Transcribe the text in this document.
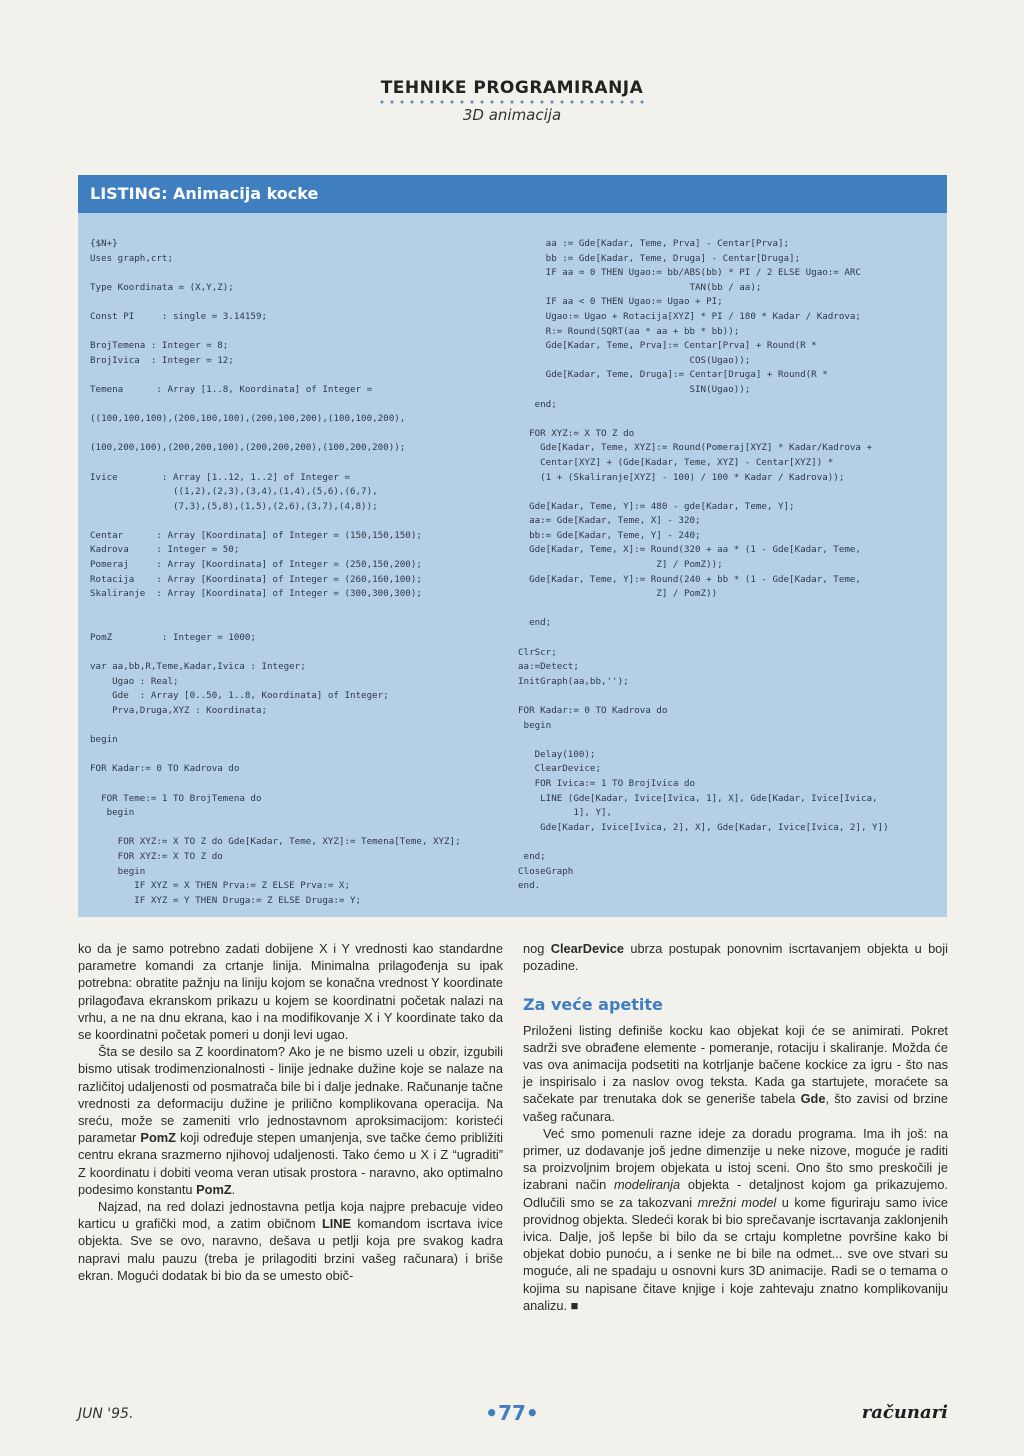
TEHNIKE PROGRAMIRANJA
3D animacija
LISTING: Animacija kocke
{$N+}
Uses graph,crt;

Type Koordinata = (X,Y,Z);

Const PI     : single = 3.14159;

BrojTemena : Integer = 8;
BrojIvica  : Integer = 12;

Temena      : Array [1..8, Koordinata] of Integer =

((100,100,100),(200,100,100),(200,100,200),(100,100,200),

(100,200,100),(200,200,100),(200,200,200),(100,200,200));

Ivice        : Array [1..12, 1..2] of Integer =
((1,2),(2,3),(3,4),(1,4),(5,6),(6,7),
(7,3),(5,8),(1,5),(2,6),(3,7),(4,8));

Centar      : Array [Koordinata] of Integer = (150,150,150);
Kadrova     : Integer = 50;
Pomeraj     : Array [Koordinata] of Integer = (250,150,200);
Rotacija    : Array [Koordinata] of Integer = (260,160,100);
Skaliranje  : Array [Koordinata] of Integer = (300,300,300);

PomZ         : Integer = 1000;

var aa,bb,R,Teme,Kadar,Ivica : Integer;
Ugao : Real;
Gde  : Array [0..50, 1..8, Koordinata] of Integer;
Prva,Druga,XYZ : Koordinata;

begin

FOR Kadar:= 0 TO Kadrova do

FOR Teme:= 1 TO BrojTemena do
begin

FOR XYZ:= X TO Z do Gde[Kadar, Teme, XYZ]:= Temena[Teme, XYZ];
FOR XYZ:= X TO Z do
begin
IF XYZ = X THEN Prva:= Z ELSE Prva:= X;
IF XYZ = Y THEN Druga:= Z ELSE Druga:= Y;
aa := Gde[Kadar, Teme, Prva] - Centar[Prva];
bb := Gde[Kadar, Teme, Druga] - Centar[Druga];
IF aa = 0 THEN Ugao:= bb/ABS(bb) * PI / 2 ELSE Ugao:= ARC
TAN(bb / aa);
IF aa < 0 THEN Ugao:= Ugao + PI;
Ugao:= Ugao + Rotacija[XYZ] * PI / 180 * Kadar / Kadrova;
R:= Round(SQRT(aa * aa + bb * bb));
Gde[Kadar, Teme, Prva]:= Centar[Prva] + Round(R *
COS(Ugao));
Gde[Kadar, Teme, Druga]:= Centar[Druga] + Round(R *
SIN(Ugao));
end;

FOR XYZ:= X TO Z do
Gde[Kadar, Teme, XYZ]:= Round(Pomeraj[XYZ] * Kadar/Kadrova +
Centar[XYZ] + (Gde[Kadar, Teme, XYZ] - Centar[XYZ]) *
(1 + (Skaliranje[XYZ] - 100) / 100 * Kadar / Kadrova));

Gde[Kadar, Teme, Y]:= 480 - gde[Kadar, Teme, Y];
aa:= Gde[Kadar, Teme, X] - 320;
bb:= Gde[Kadar, Teme, Y] - 240;
Gde[Kadar, Teme, X]:= Round(320 + aa * (1 - Gde[Kadar, Teme,
Z] / PomZ));
Gde[Kadar, Teme, Y]:= Round(240 + bb * (1 - Gde[Kadar, Teme,
Z] / PomZ))

end;

ClrScr;
aa:=Detect;
InitGraph(aa,bb,'');

FOR Kadar:= 0 TO Kadrova do
begin

Delay(100);
ClearDevice;
FOR Ivica:= 1 TO BrojIvica do
LINE (Gde[Kadar, Ivice[Ivica, 1], X], Gde[Kadar, Ivice[Ivica,
1], Y],
Gde[Kadar, Ivice[Ivica, 2], X], Gde[Kadar, Ivice[Ivica, 2], Y])

end;
CloseGraph
end.

ko da je samo potrebno zadati dobijene X i Y vrednosti kao standardne parametre komandi za crtanje linija. Minimalna prilagođenja su ipak potrebna: obratite pažnju na liniju kojom se konačna vrednost Y koordinate prilagođava ekranskom prikazu u kojem se koordinatni početak nalazi na vrhu, a ne na dnu ekrana, kao i na modifikovanje X i Y koordinate tako da se koordinatni početak pomeri u donji levi ugao.

Šta se desilo sa Z koordinatom? Ako je ne bismo uzeli u obzir, izgubili bismo utisak trodimenzionalnosti - linije jednake dužine koje se nalaze na različitoj udaljenosti od posmatrača bile bi i dalje jednake. Računanje tačne vrednosti za deformaciju dužine je prilično komplikovana operacija. Na sreću, može se zameniti vrlo jednostavnom aproksimacijom: koristeći parametar PomZ koji određuje stepen umanjenja, sve tačke ćemo približiti centru ekrana srazmerno njihovoj udaljenosti. Tako ćemo u X i Z “ugraditi” Z koordinatu i dobiti veoma veran utisak prostora - naravno, ako optimalno podesimo konstantu PomZ.

Najzad, na red dolazi jednostavna petlja koja najpre prebacuje video karticu u grafički mod, a zatim običnom LINE komandom iscrtava ivice objekta. Sve se ovo, naravno, dešava u petlji koja pre svakog kadra napravi malu pauzu (treba je prilagoditi brzini vašeg računara) i briše ekran. Mogući dodatak bi bio da se umesto obič-

nog ClearDevice ubrza postupak ponovnim iscrtavanjem objekta u boji pozadine.

Za veće apetite

Priloženi listing definiše kocku kao objekat koji će se animirati. Pokret sadrži sve obrađene elemente - pomeranje, rotaciju i skaliranje. Možda će vas ova animacija podsetiti na kotrljanje bačene kockice za igru - što nas je inspirisalo i za naslov ovog teksta. Kada ga startujete, moraćete sa sačekate par trenutaka dok se generiše tabela Gde, što zavisi od brzine vašeg računara.

Već smo pomenuli razne ideje za doradu programa. Ima ih još: na primer, uz dodavanje još jedne dimenzije u neke nizove, moguće je raditi sa proizvoljnim brojem objekata u istoj sceni. Ono što smo preskočili je izabrani način modeliranja objekta - detaljnost kojom ga prikazujemo. Odlučili smo se za takozvani mrežni model u kome figuriraju samo ivice providnog objekta. Sledeći korak bi bio sprečavanje iscrtavanja zaklonjenih ivica. Dalje, još lepše bi bilo da se crtaju kompletne površine kako bi objekat dobio punoću, a i senke ne bi bile na odmet... sve ove stvari su moguće, ali ne spadaju u osnovni kurs 3D animacije. Radi se o temama o kojima su napisane čitave knjige i koje zahtevaju znatno komplikovaniju analizu. ■

JUN '95.	•77•	računari
